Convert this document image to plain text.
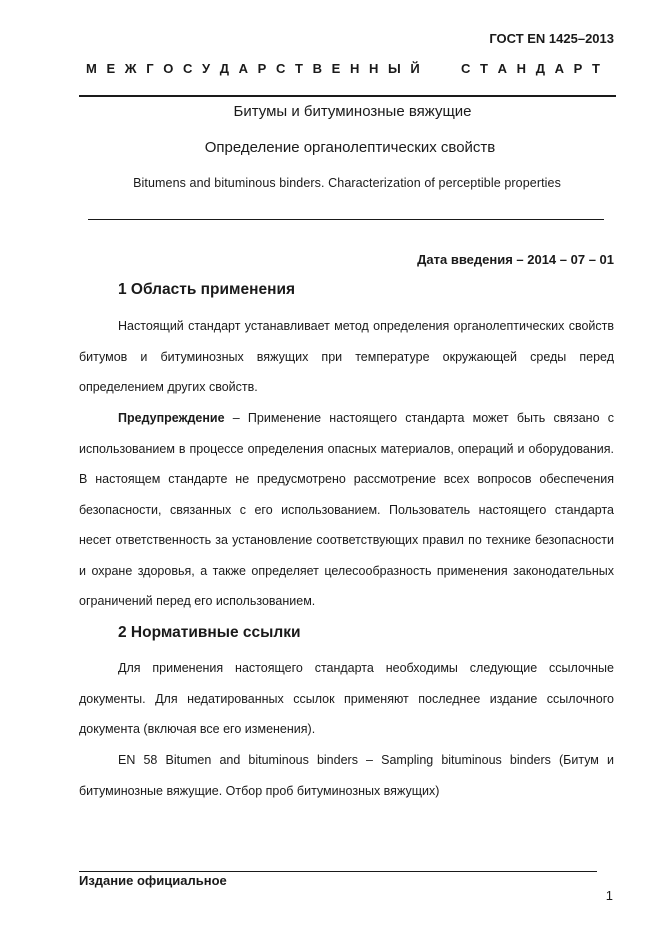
ГОСТ EN 1425–2013
М Е Ж Г О С У Д А Р С Т В Е Н Н Ы Й	С Т А Н Д А Р Т
Битумы и битуминозные вяжущие
Определение органолептических свойств
Bitumens and bituminous binders. Characterization of perceptible properties
Дата введения – 2014 – 07 – 01
1 Область применения

Настоящий стандарт устанавливает метод определения органолептических свойств битумов и битуминозных вяжущих при температуре окружающей среды перед определением других свойств.

Предупреждение – Применение настоящего стандарта может быть связано с использованием в процессе определения опасных материалов, операций и оборудования. В настоящем стандарте не предусмотрено рассмотрение всех вопросов обеспечения безопасности, связанных с его использованием. Пользователь настоящего стандарта несет ответственность за установление соответствующих правил по технике безопасности и охране здоровья, а также определяет целесообразность применения законодательных ограничений перед его использованием.

2 Нормативные ссылки

Для применения настоящего стандарта необходимы следующие ссылочные документы. Для недатированных ссылок применяют последнее издание ссылочного документа (включая все его изменения).

EN 58 Bitumen and bituminous binders – Sampling bituminous binders (Битум и битуминозные вяжущие. Отбор проб битуминозных вяжущих)

Издание официальное
1
